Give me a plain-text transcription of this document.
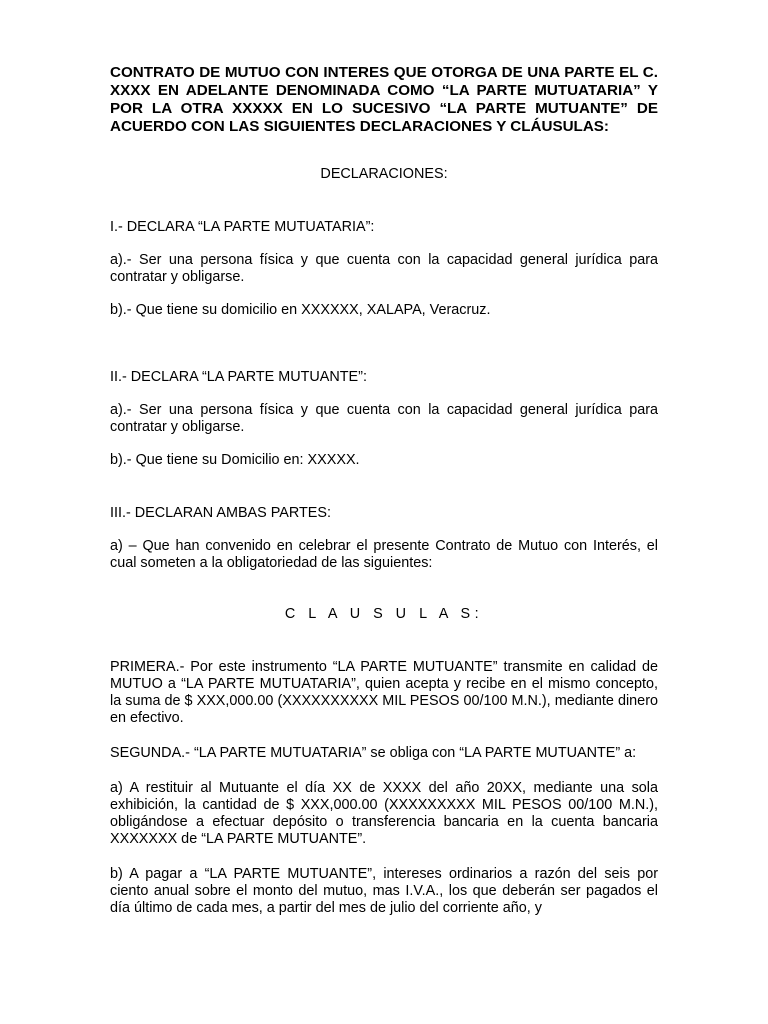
CONTRATO DE MUTUO CON INTERES QUE OTORGA DE UNA PARTE EL C. XXXX EN ADELANTE DENOMINADA COMO “LA PARTE MUTUATARIA” Y POR LA OTRA XXXXX EN LO SUCESIVO “LA PARTE MUTUANTE” DE ACUERDO CON LAS SIGUIENTES DECLARACIONES Y CLÁUSULAS:

DECLARACIONES:

I.- DECLARA “LA PARTE MUTUATARIA”:

a).- Ser una persona física y que cuenta con la capacidad general jurídica para contratar y obligarse.

b).- Que tiene su domicilio en XXXXXX, XALAPA, Veracruz.

II.- DECLARA “LA PARTE MUTUANTE”:

a).- Ser una persona física y que cuenta con la capacidad general jurídica para contratar y obligarse.

b).- Que tiene su Domicilio en: XXXXX.

III.- DECLARAN AMBAS PARTES:

a) – Que han convenido en celebrar el presente Contrato de Mutuo con Interés, el cual someten a la obligatoriedad de las siguientes:

C L A U S U L A S:

PRIMERA.- Por este instrumento “LA PARTE MUTUANTE” transmite en calidad de MUTUO a “LA PARTE MUTUATARIA”, quien acepta y recibe en el mismo concepto, la suma de $ XXX,000.00 (XXXXXXXXXX MIL PESOS 00/100 M.N.), mediante dinero en efectivo.

SEGUNDA.- “LA PARTE MUTUATARIA” se obliga con “LA PARTE MUTUANTE” a:

a) A restituir al Mutuante el día XX de XXXX del año 20XX, mediante una sola exhibición, la cantidad de $ XXX,000.00 (XXXXXXXXX MIL PESOS 00/100 M.N.), obligándose a efectuar depósito o transferencia bancaria en la cuenta bancaria XXXXXXX de “LA PARTE MUTUANTE”.

b) A pagar a “LA PARTE MUTUANTE”, intereses ordinarios a razón del seis por ciento anual sobre el monto del mutuo, mas I.V.A., los que deberán ser pagados el día último de cada mes, a partir del mes de julio del corriente año, y
